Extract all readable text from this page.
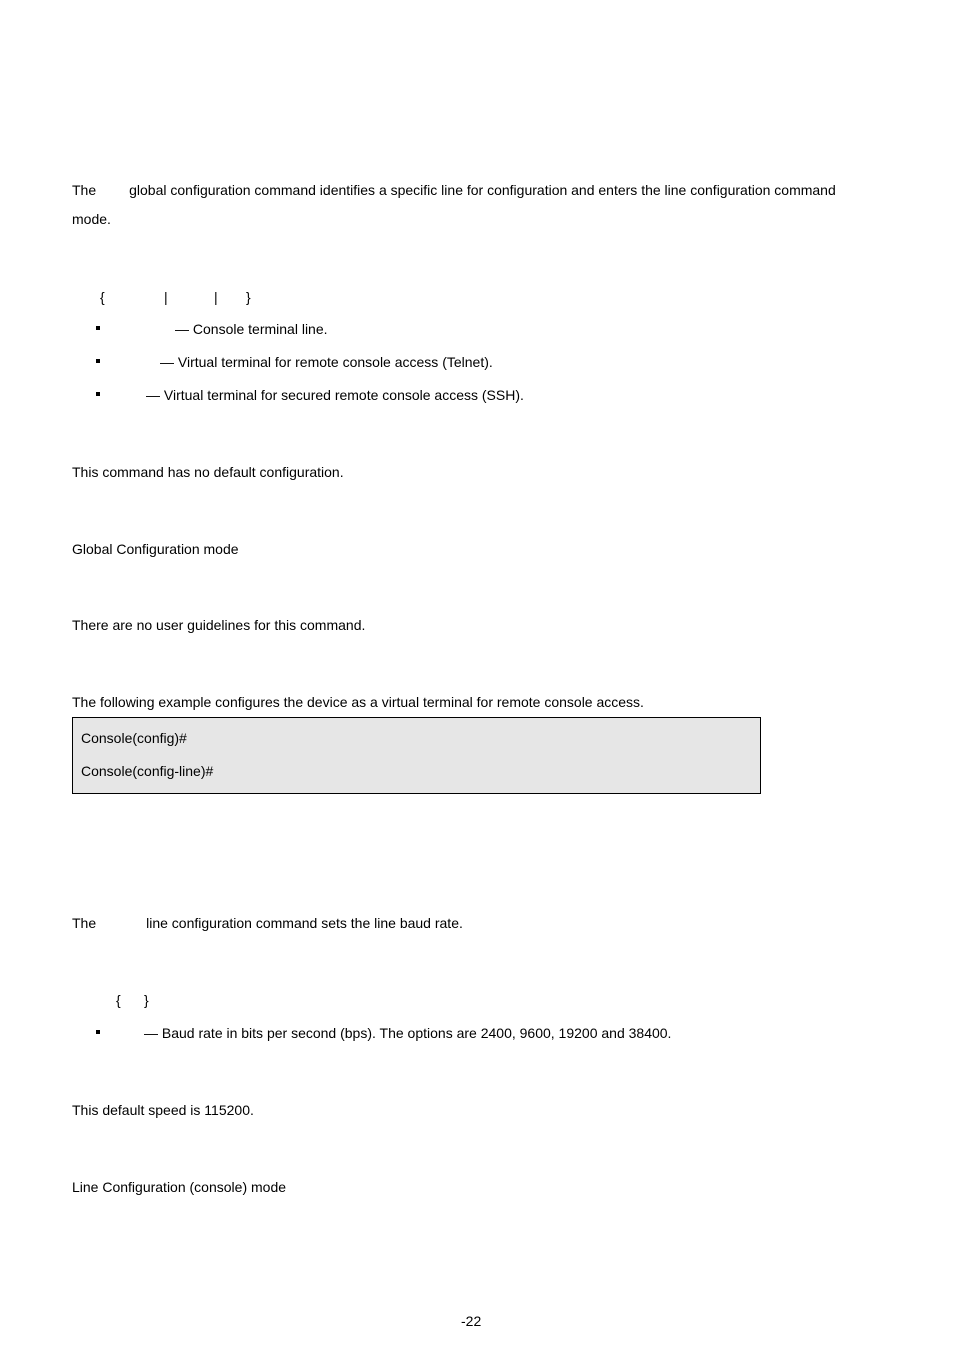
The global configuration command identifies a specific line for configuration and enters the line configuration command
mode.
{	|	| }
— Console terminal line.
— Virtual terminal for remote console access (Telnet).
— Virtual terminal for secured remote console access (SSH).
This command has no default configuration.
Global Configuration mode
There are no user guidelines for this command.
The following example configures the device as a virtual terminal for remote console access.
Console(config)#
Console(config-line)#
The	line configuration command sets the line baud rate.
{ }
— Baud rate in bits per second (bps). The options are 2400, 9600, 19200 and 38400.
This default speed is 115200.
Line Configuration (console) mode
-22
